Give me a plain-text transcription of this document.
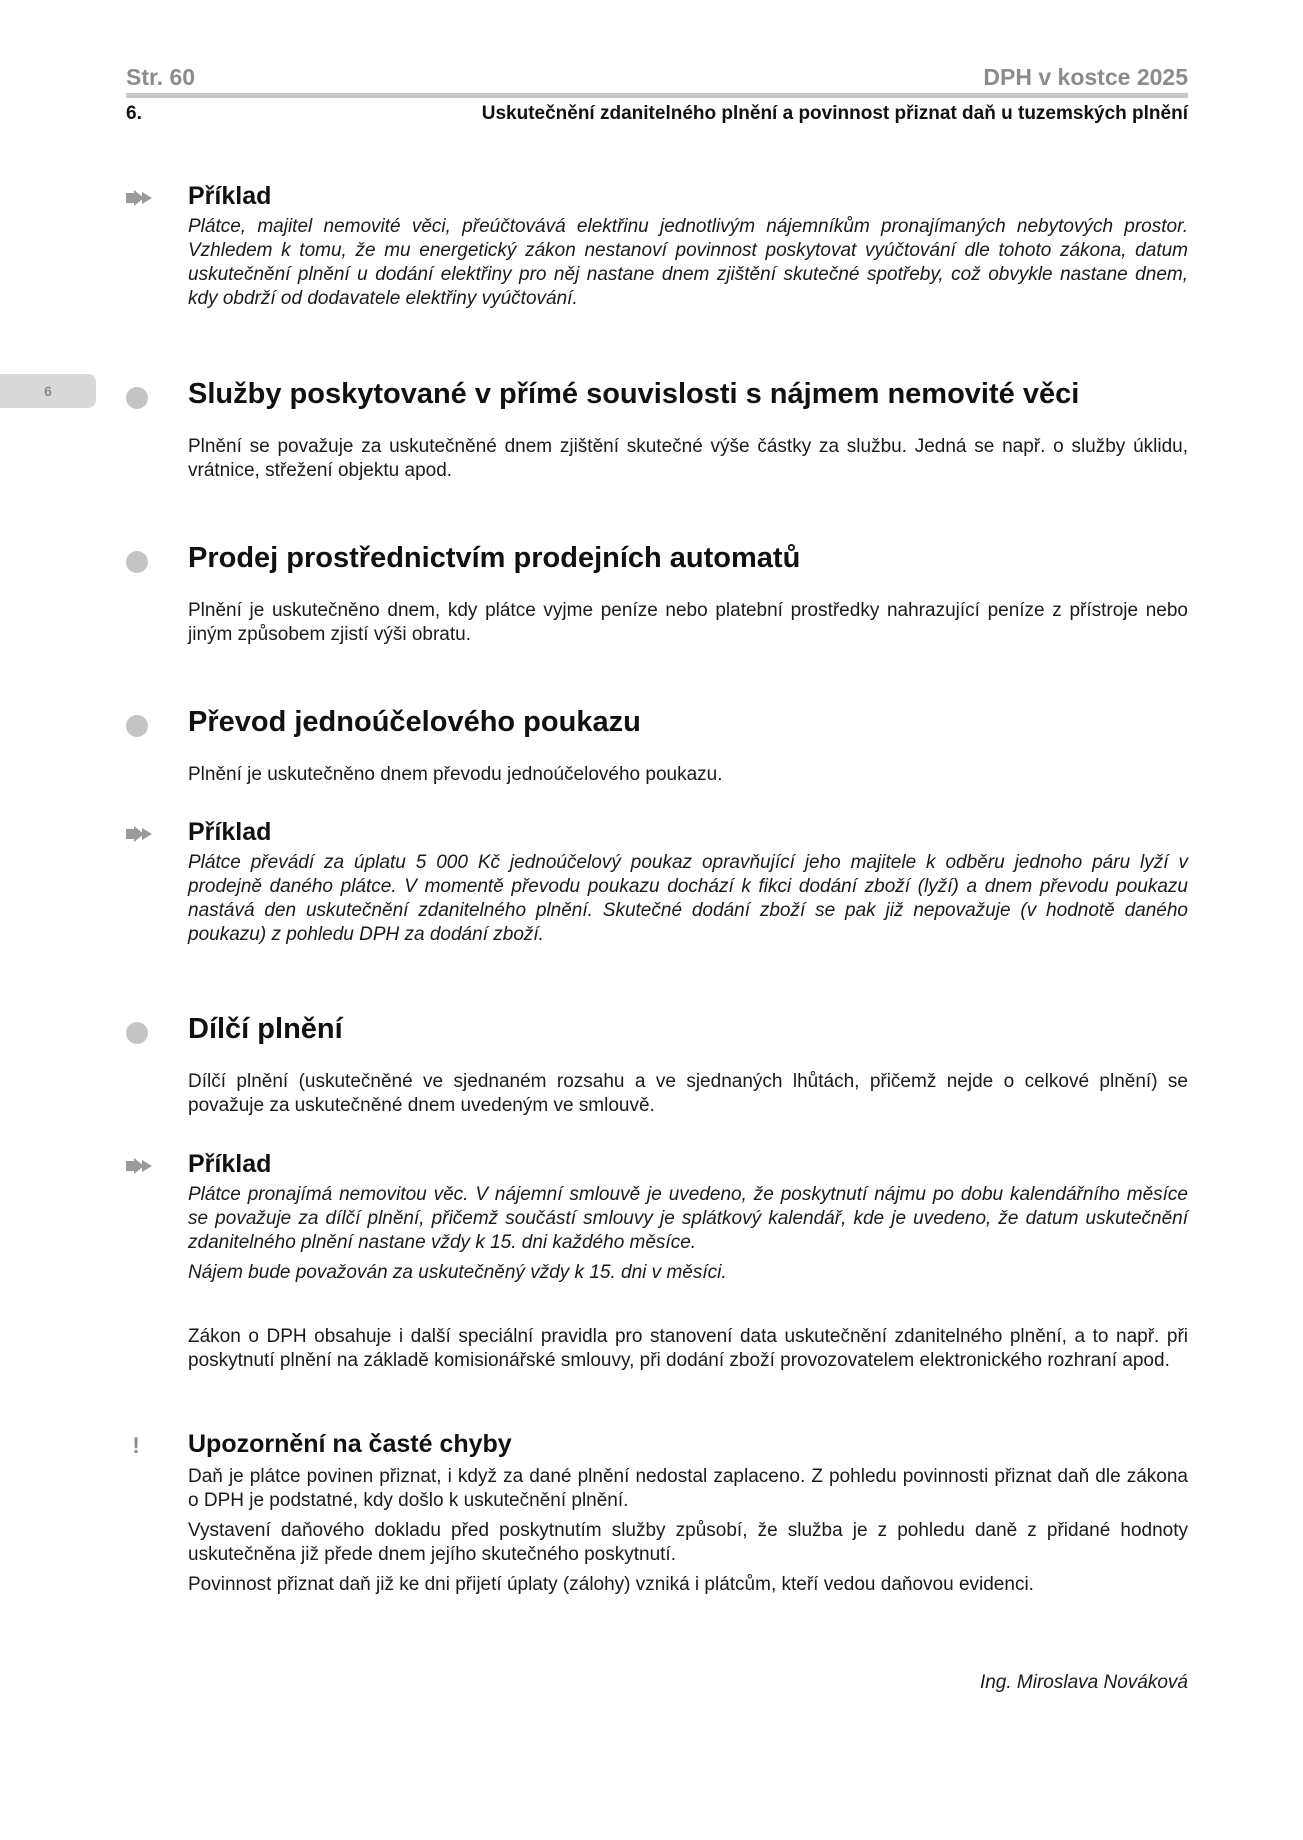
Str. 60	DPH v kostce 2025
6.	Uskutečnění zdanitelného plnění a povinnost přiznat daň u tuzemských plnění
6
Příklad

Plátce, majitel nemovité věci, přeúčtovává elektřinu jednotlivým nájemníkům pronajímaných nebytových prostor. Vzhledem k tomu, že mu energetický zákon nestanoví povinnost poskytovat vyúčtování dle tohoto zákona, datum uskutečnění plnění u dodání elektřiny pro něj nastane dnem zjištění skutečné spotřeby, což obvykle nastane dnem, kdy obdrží od dodavatele elektřiny vyúčtování.

Služby poskytované v přímé souvislosti s nájmem nemovité věci

Plnění se považuje za uskutečněné dnem zjištění skutečné výše částky za službu. Jedná se např. o služby úklidu, vrátnice, střežení objektu apod.

Prodej prostřednictvím prodejních automatů

Plnění je uskutečněno dnem, kdy plátce vyjme peníze nebo platební prostředky nahrazující peníze z přístroje nebo jiným způsobem zjistí výši obratu.

Převod jednoúčelového poukazu

Plnění je uskutečněno dnem převodu jednoúčelového poukazu.

Příklad

Plátce převádí za úplatu 5 000 Kč jednoúčelový poukaz opravňující jeho majitele k odběru jednoho páru lyží v prodejně daného plátce. V momentě převodu poukazu dochází k fikci dodání zboží (lyží) a dnem převodu poukazu nastává den uskutečnění zdanitelného plnění. Skutečné dodání zboží se pak již nepovažuje (v hodnotě daného poukazu) z pohledu DPH za dodání zboží.

Dílčí plnění

Dílčí plnění (uskutečněné ve sjednaném rozsahu a ve sjednaných lhůtách, přičemž nejde o celkové plnění) se považuje za uskutečněné dnem uvedeným ve smlouvě.

Příklad

Plátce pronajímá nemovitou věc. V nájemní smlouvě je uvedeno, že poskytnutí nájmu po dobu kalendářního měsíce se považuje za dílčí plnění, přičemž součástí smlouvy je splátkový kalendář, kde je uvedeno, že datum uskutečnění zdanitelného plnění nastane vždy k 15. dni každého měsíce.

Nájem bude považován za uskutečněný vždy k 15. dni v měsíci.

Zákon o DPH obsahuje i další speciální pravidla pro stanovení data uskutečnění zdanitelného plnění, a to např. při poskytnutí plnění na základě komisionářské smlouvy, při dodání zboží provozovatelem elektronického rozhraní apod.

! Upozornění na časté chyby

Daň je plátce povinen přiznat, i když za dané plnění nedostal zaplaceno. Z pohledu povinnosti přiznat daň dle zákona o DPH je podstatné, kdy došlo k uskutečnění plnění.

Vystavení daňového dokladu před poskytnutím služby způsobí, že služba je z pohledu daně z přidané hodnoty uskutečněna již přede dnem jejího skutečného poskytnutí.

Povinnost přiznat daň již ke dni přijetí úplaty (zálohy) vzniká i plátcům, kteří vedou daňovou evidenci.

Ing. Miroslava Nováková
